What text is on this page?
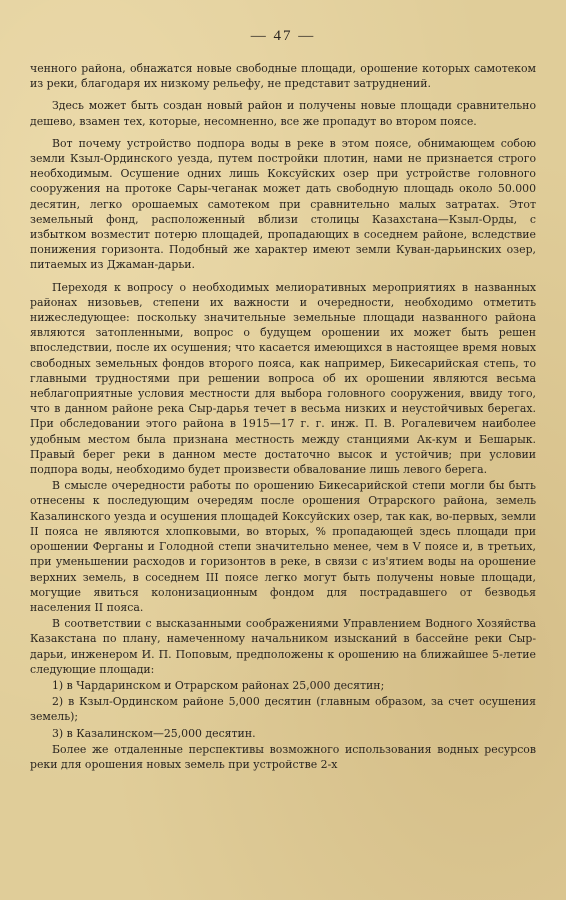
— 47 —

ченного района, обнажатся новые свободные площади, орошение которых самотеком из реки, благодаря их низкому рельефу, не представит затруднений.

Здесь может быть создан новый район и получены новые площади сравнительно дешево, взамен тех, которые, несомненно, все же пропадут во втором поясе.

Вот почему устройство подпора воды в реке в этом поясе, обнимающем собою земли Кзыл-Ординского уезда, путем постройки плотин, нами не признается строго необходимым. Осушение одних лишь Коксуйских озер при устройстве головного сооружения на протоке Сары-чеганак может дать свободную площадь около 50.000 десятин, легко орошаемых самотеком при сравнительно малых затратах. Этот земельный фонд, расположенный вблизи столицы Казахстана—Кзыл-Орды, с избытком возместит потерю площадей, пропадающих в соседнем районе, вследствие понижения горизонта. Подобный же характер имеют земли Куван-дарьинских озер, питаемых из Джаман-дарьи.

Переходя к вопросу о необходимых мелиоративных мероприятиях в названных районах низовьев, степени их важности и очередности, необходимо отметить нижеследующее: поскольку значительные земельные площади названного района являются затопленными, вопрос о будущем орошении их может быть решен впоследствии, после их осушения; что касается имеющихся в настоящее время новых свободных земельных фондов второго пояса, как например, Бикесарийская степь, то главными трудностями при решении вопроса об их орошении являются весьма неблагоприятные условия местности для выбора головного сооружения, ввиду того, что в данном районе река Сыр-дарья течет в весьма низких и неустойчивых берегах. При обследовании этого района в 1915—17 г. г. инж. П. В. Рогалевичем наиболее удобным местом была признана местность между станциями Ак-кум и Бешарык. Правый берег реки в данном месте достаточно высок и устойчив; при условии подпора воды, необходимо будет произвести обвалование лишь левого берега.

В смысле очередности работы по орошению Бикесарийской степи могли бы быть отнесены к последующим очередям после орошения Отрарского района, земель Казалинского уезда и осушения площадей Коксуйских озер, так как, во-первых, земли II пояса не являются хлопковыми, во вторых, % пропадающей здесь площади при орошении Ферганы и Голодной степи значительно менее, чем в V поясе и, в третьих, при уменьшении расходов и горизонтов в реке, в связи с из'ятием воды на орошение верхних земель, в соседнем III поясе легко могут быть получены новые площади, могущие явиться колонизационным фондом для пострадавшего от безводья населения II пояса.

В соответствии с высказанными соображениями Управлением Водного Хозяйства Казакстана по плану, намеченному начальником изысканий в бассейне реки Сыр-дарьи, инженером И. П. Поповым, предположены к орошению на ближайшее 5-летие следующие площади:

1) в Чардаринском и Отрарском районах 25,000 десятин;

2) в Кзыл-Ординском районе 5,000 десятин (главным образом, за счет осушения земель);

3) в Казалинском—25,000 десятин.

Более же отдаленные перспективы возможного использования водных ресурсов реки для орошения новых земель при устройстве 2-х
